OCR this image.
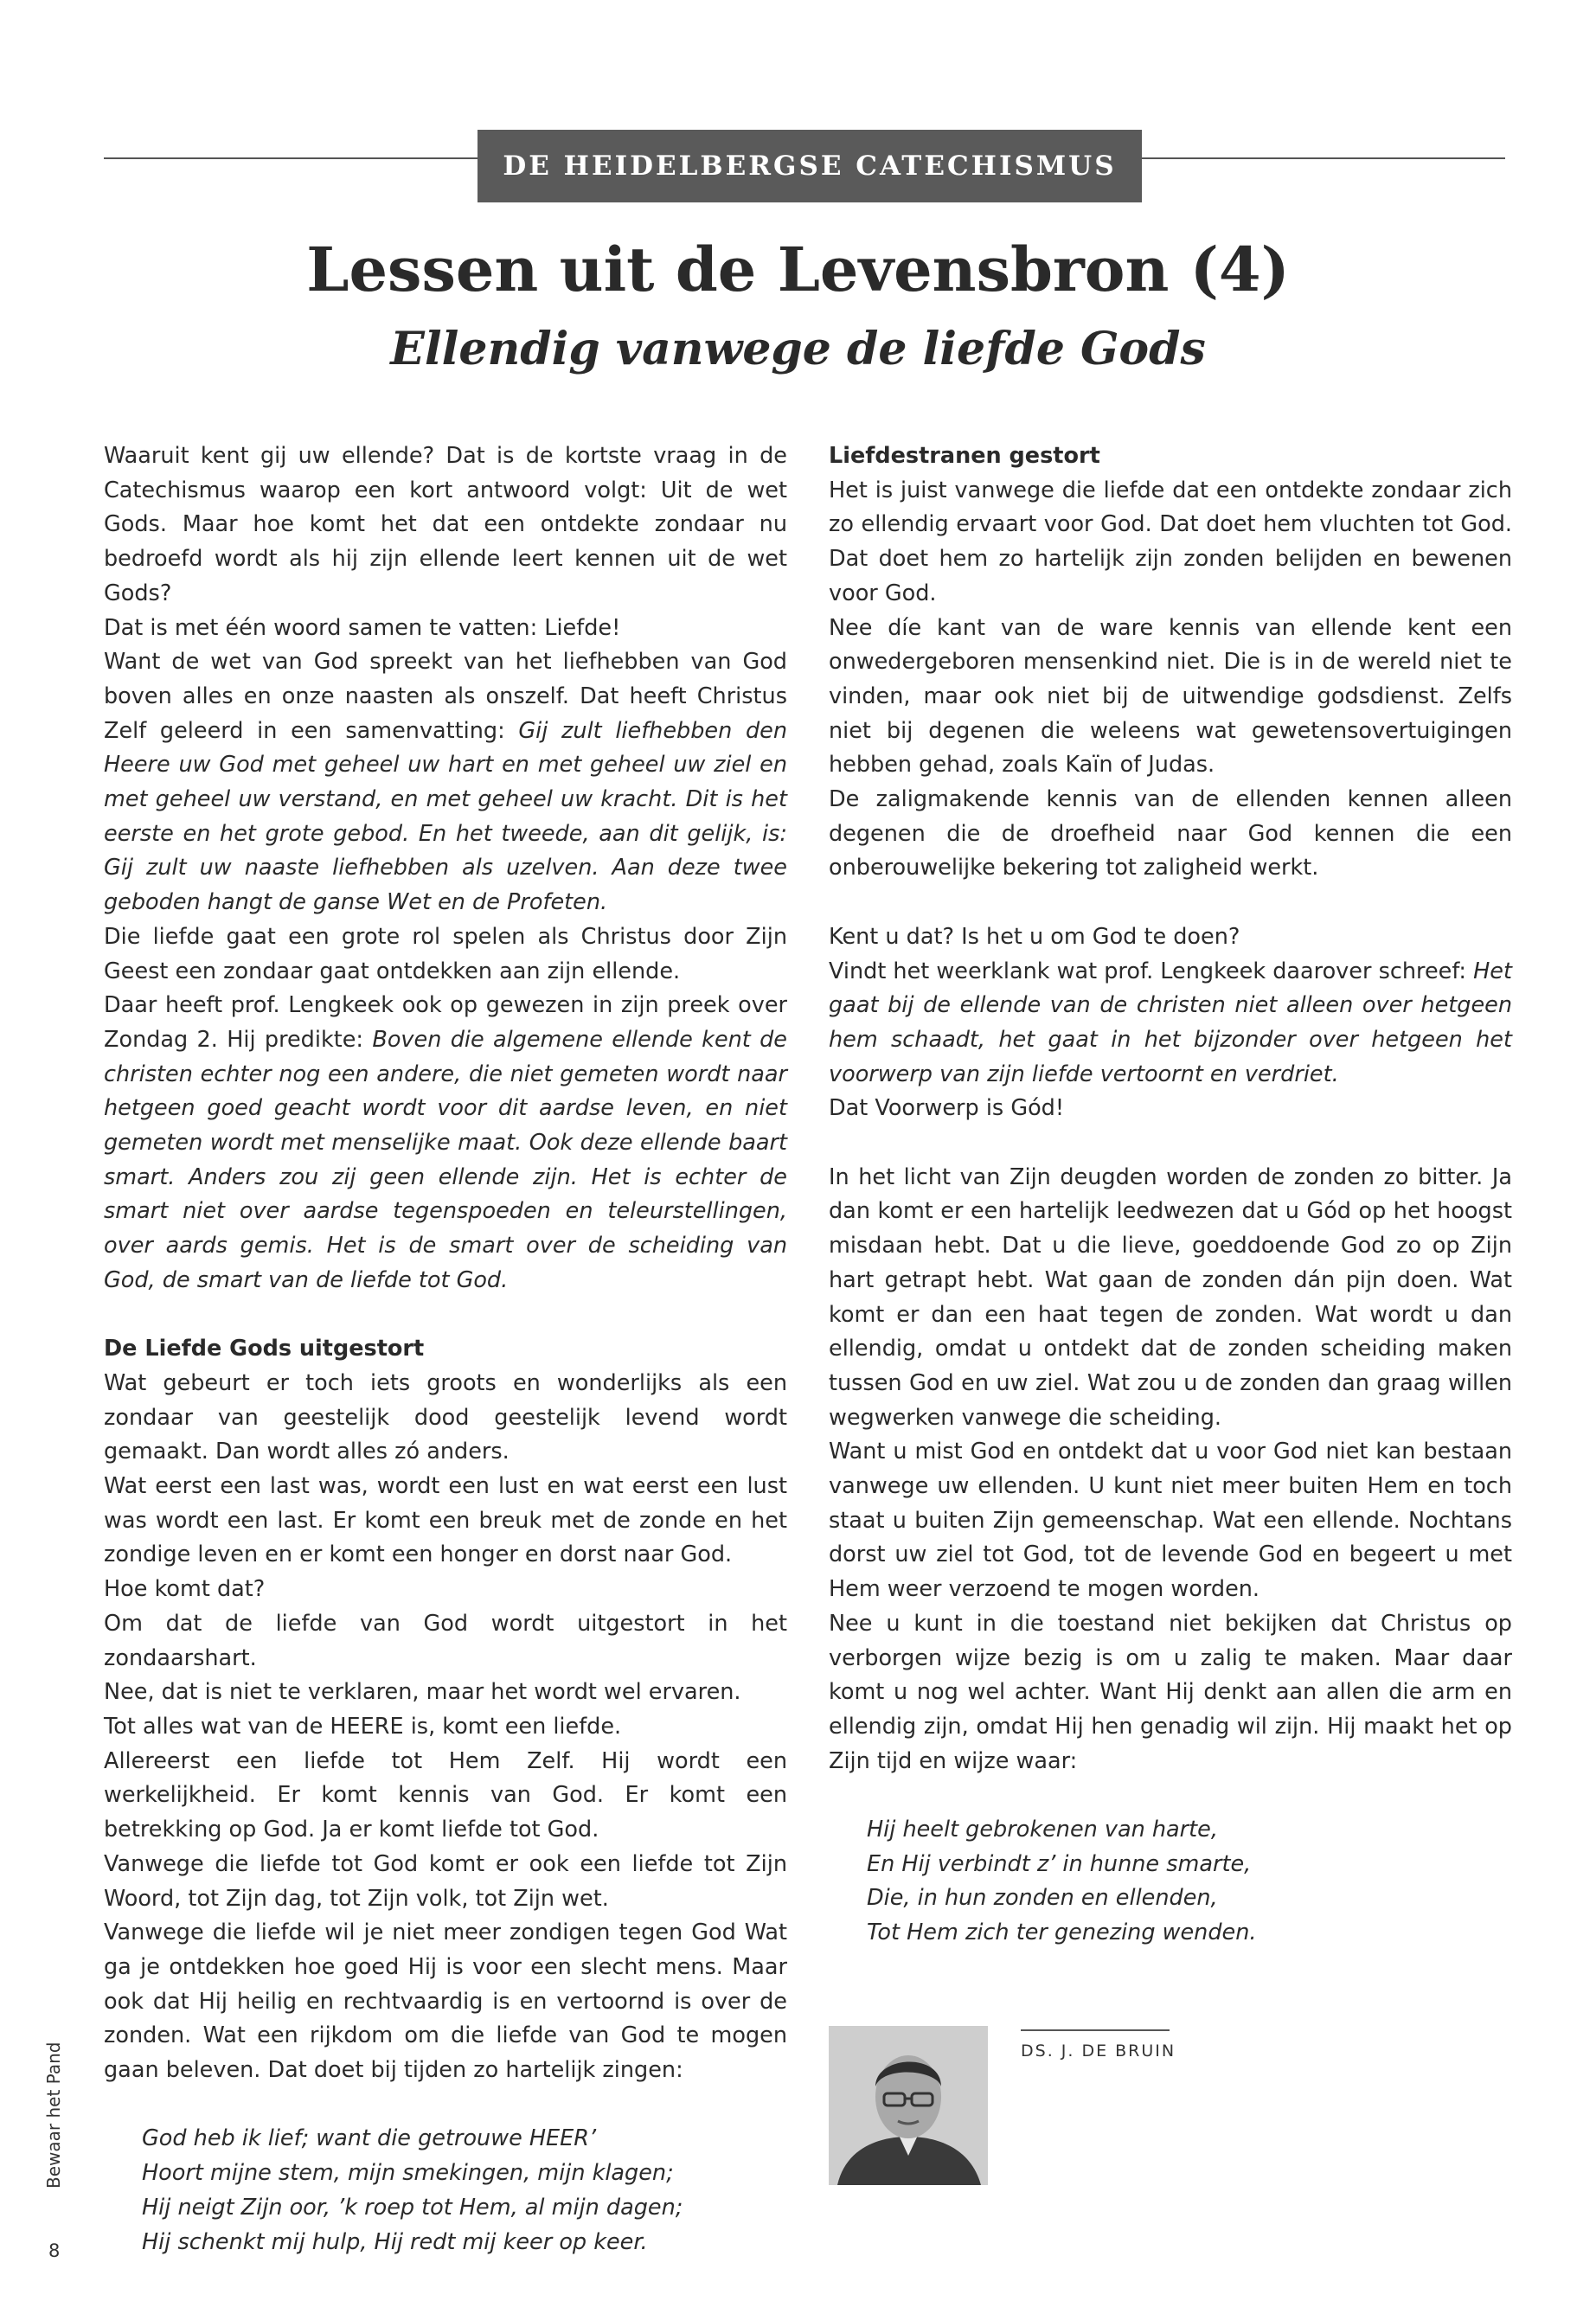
DE HEIDELBERGSE CATECHISMUS
Lessen uit de Levensbron (4)
Ellendig vanwege de liefde Gods

Waaruit kent gij uw ellende? Dat is de kortste vraag in de Catechismus waarop een kort antwoord volgt: Uit de wet Gods. Maar hoe komt het dat een ontdekte zondaar nu bedroefd wordt als hij zijn ellende leert kennen uit de wet Gods?

Dat is met één woord samen te vatten: Liefde!

Want de wet van God spreekt van het liefhebben van God boven alles en onze naasten als onszelf. Dat heeft Christus Zelf geleerd in een samenvatting: Gij zult liefhebben den Heere uw God met geheel uw hart en met geheel uw ziel en met geheel uw verstand, en met geheel uw kracht. Dit is het eerste en het grote gebod. En het tweede, aan dit gelijk, is: Gij zult uw naaste liefhebben als uzelven. Aan deze twee geboden hangt de ganse Wet en de Profeten.

Die liefde gaat een grote rol spelen als Christus door Zijn Geest een zondaar gaat ontdekken aan zijn ellende.

Daar heeft prof. Lengkeek ook op gewezen in zijn preek over Zondag 2. Hij predikte: Boven die algemene ellende kent de christen echter nog een andere, die niet gemeten wordt naar hetgeen goed geacht wordt voor dit aardse leven, en niet gemeten wordt met menselijke maat. Ook deze ellende baart smart. Anders zou zij geen ellende zijn. Het is echter de smart niet over aardse tegenspoeden en teleurstellingen, over aards gemis. Het is de smart over de scheiding van God, de smart van de liefde tot God.

De Liefde Gods uitgestort

Wat gebeurt er toch iets groots en wonderlijks als een zondaar van geestelijk dood geestelijk levend wordt gemaakt. Dan wordt alles zó anders.

Wat eerst een last was, wordt een lust en wat eerst een lust was wordt een last. Er komt een breuk met de zonde en het zondige leven en er komt een honger en dorst naar God.

Hoe komt dat?

Om dat de liefde van God wordt uitgestort in het zondaarshart.

Nee, dat is niet te verklaren, maar het wordt wel ervaren.

Tot alles wat van de HEERE is, komt een liefde.

Allereerst een liefde tot Hem Zelf. Hij wordt een werkelijkheid. Er komt kennis van God. Er komt een betrekking op God. Ja er komt liefde tot God.

Vanwege die liefde tot God komt er ook een liefde tot Zijn Woord, tot Zijn dag, tot Zijn volk, tot Zijn wet.

Vanwege die liefde wil je niet meer zondigen tegen God Wat ga je ontdekken hoe goed Hij is voor een slecht mens. Maar ook dat Hij heilig en rechtvaardig is en vertoornd is over de zonden. Wat een rijkdom om die liefde van God te mogen gaan beleven. Dat doet bij tijden zo hartelijk zingen:

God heb ik lief; want die getrouwe HEER’

Hoort mijne stem, mijn smekingen, mijn klagen;

Hij neigt Zijn oor, ’k roep tot Hem, al mijn dagen;

Hij schenkt mij hulp, Hij redt mij keer op keer.

Liefdestranen gestort

Het is juist vanwege die liefde dat een ontdekte zondaar zich zo ellendig ervaart voor God. Dat doet hem vluchten tot God. Dat doet hem zo hartelijk zijn zonden belijden en bewenen voor God.

Nee díe kant van de ware kennis van ellende kent een onwedergeboren mensenkind niet. Die is in de wereld niet te vinden, maar ook niet bij de uitwendige godsdienst. Zelfs niet bij degenen die weleens wat gewetensovertuigingen hebben gehad, zoals Kaïn of Judas.

De zaligmakende kennis van de ellenden kennen alleen degenen die de droefheid naar God kennen die een onberouwelijke bekering tot zaligheid werkt.

Kent u dat? Is het u om God te doen?

Vindt het weerklank wat prof. Lengkeek daarover schreef: Het gaat bij de ellende van de christen niet alleen over hetgeen hem schaadt, het gaat in het bijzonder over hetgeen het voorwerp van zijn liefde vertoornt en verdriet.

Dat Voorwerp is Gód!

In het licht van Zijn deugden worden de zonden zo bitter. Ja dan komt er een hartelijk leedwezen dat u Gód op het hoogst misdaan hebt. Dat u die lieve, goeddoende God zo op Zijn hart getrapt hebt. Wat gaan de zonden dán pijn doen. Wat komt er dan een haat tegen de zonden. Wat wordt u dan ellendig, omdat u ontdekt dat de zonden scheiding maken tussen God en uw ziel. Wat zou u de zonden dan graag willen wegwerken vanwege die scheiding.

Want u mist God en ontdekt dat u voor God niet kan bestaan vanwege uw ellenden. U kunt niet meer buiten Hem en toch staat u buiten Zijn gemeenschap. Wat een ellende. Nochtans dorst uw ziel tot God, tot de levende God en begeert u met Hem weer verzoend te mogen worden.

Nee u kunt in die toestand niet bekijken dat Christus op verborgen wijze bezig is om u zalig te maken. Maar daar komt u nog wel achter. Want Hij denkt aan allen die arm en ellendig zijn, omdat Hij hen genadig wil zijn. Hij maakt het op Zijn tijd en wijze waar:

Hij heelt gebrokenen van harte,

En Hij verbindt z’ in hunne smarte,

Die, in hun zonden en ellenden,

Tot Hem zich ter genezing wenden.

DS. J. DE BRUIN
Bewaar het Pand
8
